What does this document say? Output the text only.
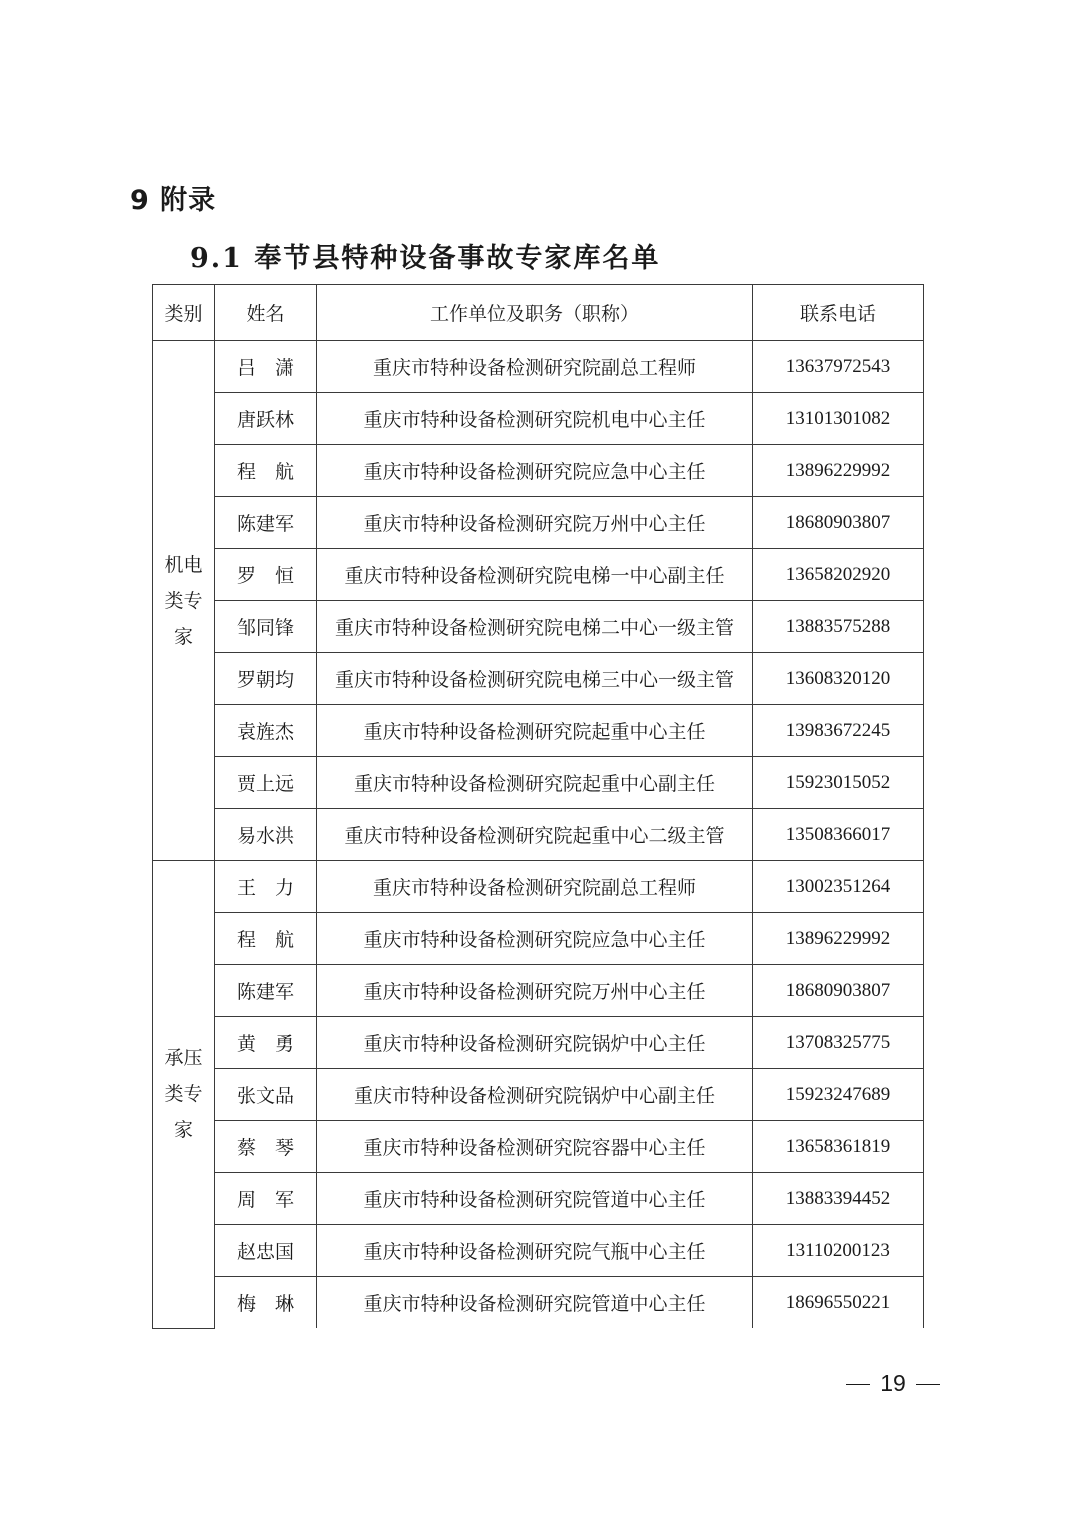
9 附录
9.1 奉节县特种设备事故专家库名单
类别	姓名	工作单位及职务（职称）	联系电话
机电类专家	吕　潇	重庆市特种设备检测研究院副总工程师	13637972543
	唐跃林	重庆市特种设备检测研究院机电中心主任	13101301082
	程　航	重庆市特种设备检测研究院应急中心主任	13896229992
	陈建军	重庆市特种设备检测研究院万州中心主任	18680903807
	罗　恒	重庆市特种设备检测研究院电梯一中心副主任	13658202920
	邹同锋	重庆市特种设备检测研究院电梯二中心一级主管	13883575288
	罗朝均	重庆市特种设备检测研究院电梯三中心一级主管	13608320120
	袁旌杰	重庆市特种设备检测研究院起重中心主任	13983672245
	贾上远	重庆市特种设备检测研究院起重中心副主任	15923015052
	易水洪	重庆市特种设备检测研究院起重中心二级主管	13508366017
承压类专家	王　力	重庆市特种设备检测研究院副总工程师	13002351264
	程　航	重庆市特种设备检测研究院应急中心主任	13896229992
	陈建军	重庆市特种设备检测研究院万州中心主任	18680903807
	黄　勇	重庆市特种设备检测研究院锅炉中心主任	13708325775
	张文品	重庆市特种设备检测研究院锅炉中心副主任	15923247689
	蔡　琴	重庆市特种设备检测研究院容器中心主任	13658361819
	周　军	重庆市特种设备检测研究院管道中心主任	13883394452
	赵忠国	重庆市特种设备检测研究院气瓶中心主任	13110200123
	梅　琳	重庆市特种设备检测研究院管道中心主任	18696550221
19
